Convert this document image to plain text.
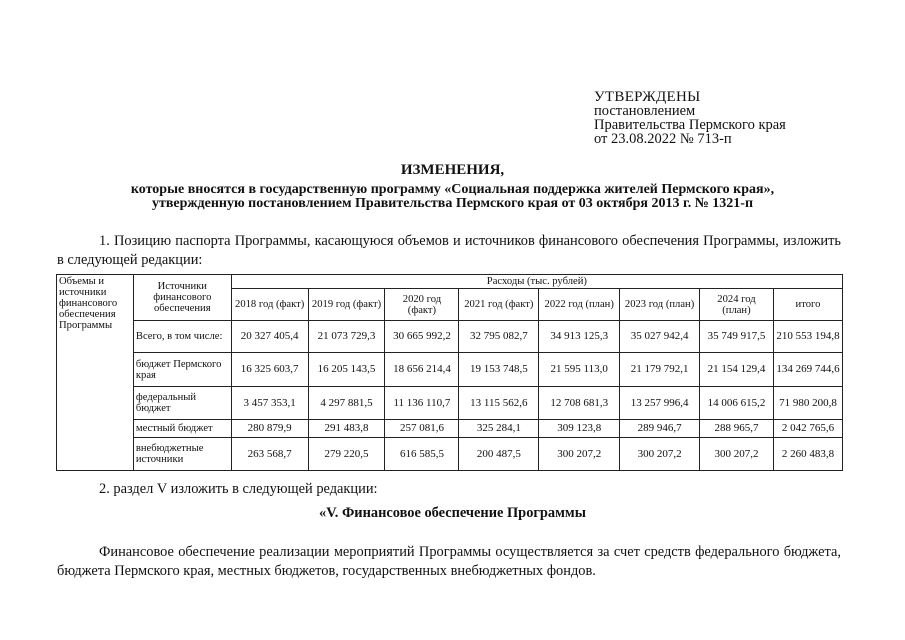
УТВЕРЖДЕНЫ
постановлением
Правительства Пермского края
от 23.08.2022 № 713-п
ИЗМЕНЕНИЯ,
которые вносятся в государственную программу «Социальная поддержка жителей Пермского края»,
утвержденную постановлением Правительства Пермского края от 03 октября 2013 г. № 1321-п
1. Позицию паспорта Программы, касающуюся объемов и источников финансового обеспечения Программы, изложить в следующей редакции:
Объемы и источники финансового обеспечения Программы	Источники финансового обеспечения	Расходы (тыс. рублей)							
		2018 год (факт)	2019 год (факт)	2020 год (факт)	2021 год (факт)	2022 год (план)	2023 год (план)	2024 год (план)	итого
	Всего, в том числе:	20 327 405,4	21 073 729,3	30 665 992,2	32 795 082,7	34 913 125,3	35 027 942,4	35 749 917,5	210 553 194,8
	бюджет Пермского края	16 325 603,7	16 205 143,5	18 656 214,4	19 153 748,5	21 595 113,0	21 179 792,1	21 154 129,4	134 269 744,6
	федеральный бюджет	3 457 353,1	4 297 881,5	11 136 110,7	13 115 562,6	12 708 681,3	13 257 996,4	14 006 615,2	71 980 200,8
	местный бюджет	280 879,9	291 483,8	257 081,6	325 284,1	309 123,8	289 946,7	288 965,7	2 042 765,6
	внебюджетные источники	263 568,7	279 220,5	616 585,5	200 487,5	300 207,2	300 207,2	300 207,2	2 260 483,8
2. раздел V изложить в следующей редакции:
«V. Финансовое обеспечение Программы
Финансовое обеспечение реализации мероприятий Программы осуществляется за счет средств федерального бюджета, бюджета Пермского края, местных бюджетов, государственных внебюджетных фондов.
